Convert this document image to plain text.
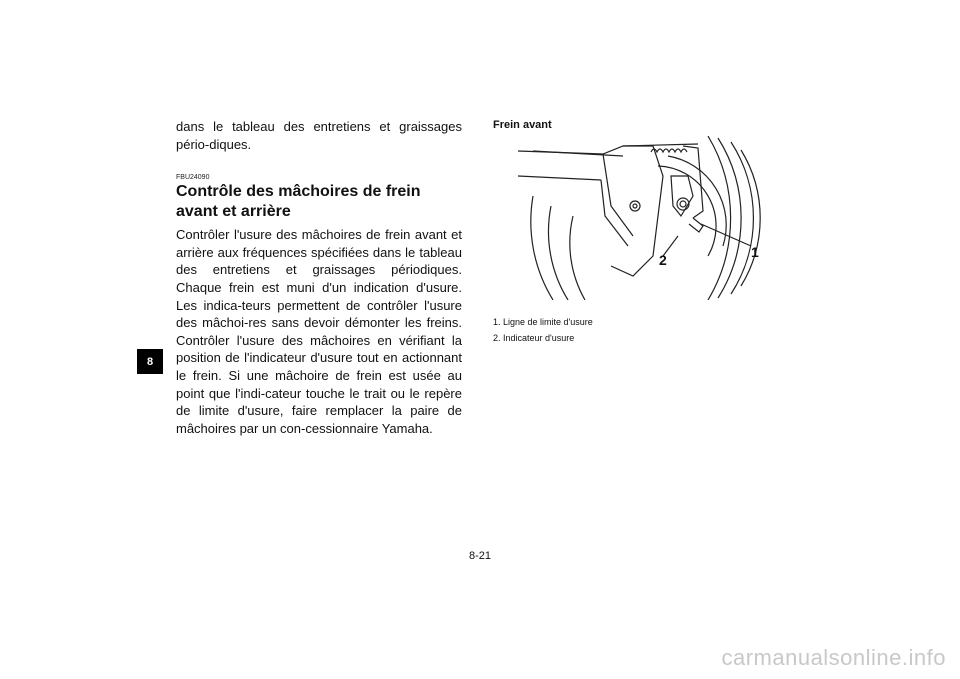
8

dans le tableau des entretiens et graissages pério-diques.

FBU24090
Contrôle des mâchoires de frein avant et arrière

Contrôler l'usure des mâchoires de frein avant et arrière aux fréquences spécifiées dans le tableau des entretiens et graissages périodiques. Chaque frein est muni d'un indication d'usure. Les indica-teurs permettent de contrôler l'usure des mâchoi-res sans devoir démonter les freins. Contrôler l'usure des mâchoires en vérifiant la position de l'indicateur d'usure tout en actionnant le frein. Si une mâchoire de frein est usée au point que l'indi-cateur touche le trait ou le repère de limite d'usure, faire remplacer la paire de mâchoires par un con-cessionnaire Yamaha.

Frein avant

1
2
1. Ligne de limite d'usure
2. Indicateur d'usure
8-21
carmanualsonline.info
